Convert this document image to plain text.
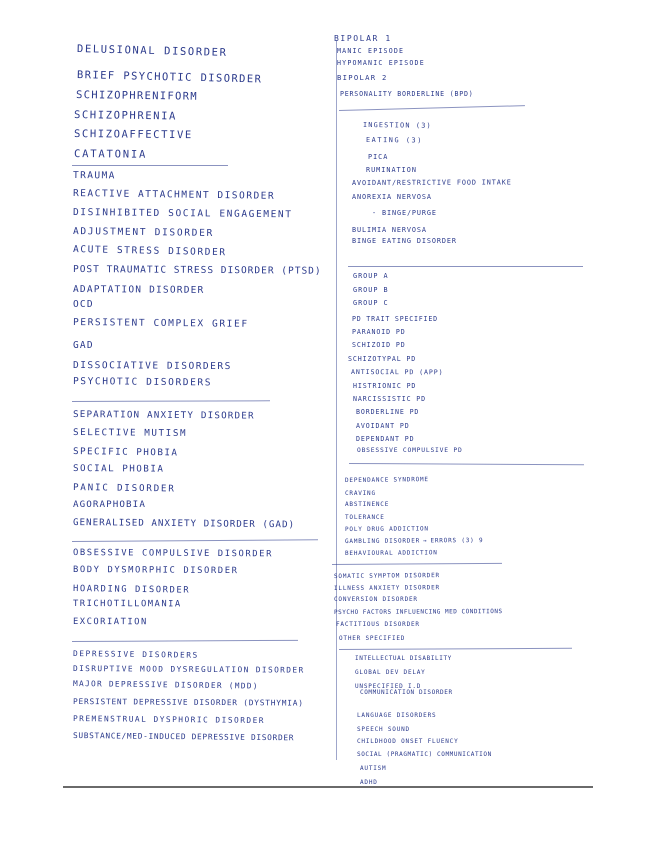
DELUSIONAL DISORDER
BRIEF PSYCHOTIC DISORDER
SCHIZOPHRENIFORM
SCHIZOPHRENIA
SCHIZOAFFECTIVE
CATATONIA
TRAUMA
REACTIVE ATTACHMENT DISORDER
DISINHIBITED SOCIAL ENGAGEMENT
ADJUSTMENT DISORDER
ACUTE STRESS DISORDER
POST TRAUMATIC STRESS DISORDER (PTSD)
ADAPTATION DISORDER
OCD
PERSISTENT COMPLEX GRIEF
GAD
DISSOCIATIVE DISORDERS
PSYCHOTIC DISORDERS
SEPARATION ANXIETY DISORDER
SELECTIVE MUTISM
SPECIFIC PHOBIA
SOCIAL PHOBIA
PANIC DISORDER
AGORAPHOBIA
GENERALISED ANXIETY DISORDER (GAD)
OBSESSIVE COMPULSIVE DISORDER
BODY DYSMORPHIC DISORDER
HOARDING DISORDER
TRICHOTILLOMANIA
EXCORIATION
DEPRESSIVE DISORDERS
DISRUPTIVE MOOD DYSREGULATION DISORDER
MAJOR DEPRESSIVE DISORDER (MDD)
PERSISTENT DEPRESSIVE DISORDER (DYSTHYMIA)
PREMENSTRUAL DYSPHORIC DISORDER
SUBSTANCE/MED-INDUCED DEPRESSIVE DISORDER
BIPOLAR 1
MANIC EPISODE
HYPOMANIC EPISODE
BIPOLAR 2
PERSONALITY BORDERLINE (BPD)
INGESTION (3)
EATING (3)
PICA
RUMINATION
AVOIDANT/RESTRICTIVE FOOD INTAKE
ANOREXIA NERVOSA
- BINGE/PURGE
BULIMIA NERVOSA
BINGE EATING DISORDER
GROUP A
GROUP B
GROUP C
PD TRAIT SPECIFIED
PARANOID PD
SCHIZOID PD
SCHIZOTYPAL PD
ANTISOCIAL PD (APP)
HISTRIONIC PD
NARCISSISTIC PD
BORDERLINE PD
AVOIDANT PD
DEPENDANT PD
OBSESSIVE COMPULSIVE PD
DEPENDANCE SYNDROME
CRAVING
ABSTINENCE
TOLERANCE
POLY DRUG ADDICTION
BEHAVIOURAL ADDICTION
SOMATIC SYMPTOM DISORDER
ILLNESS ANXIETY DISORDER
CONVERSION DISORDER
PSYCHO FACTORS INFLUENCING MED CONDITIONS
FACTITIOUS DISORDER
OTHER SPECIFIED
INTELLECTUAL DISABILITY
GLOBAL DEV DELAY
UNSPECIFIED I.D
COMMUNICATION DISORDER
LANGUAGE DISORDERS
SPEECH SOUND
CHILDHOOD ONSET FLUENCY
SOCIAL (PRAGMATIC) COMMUNICATION
AUTISM
ADHD
GAMBLING DISORDER → ERRORS (3) 9
